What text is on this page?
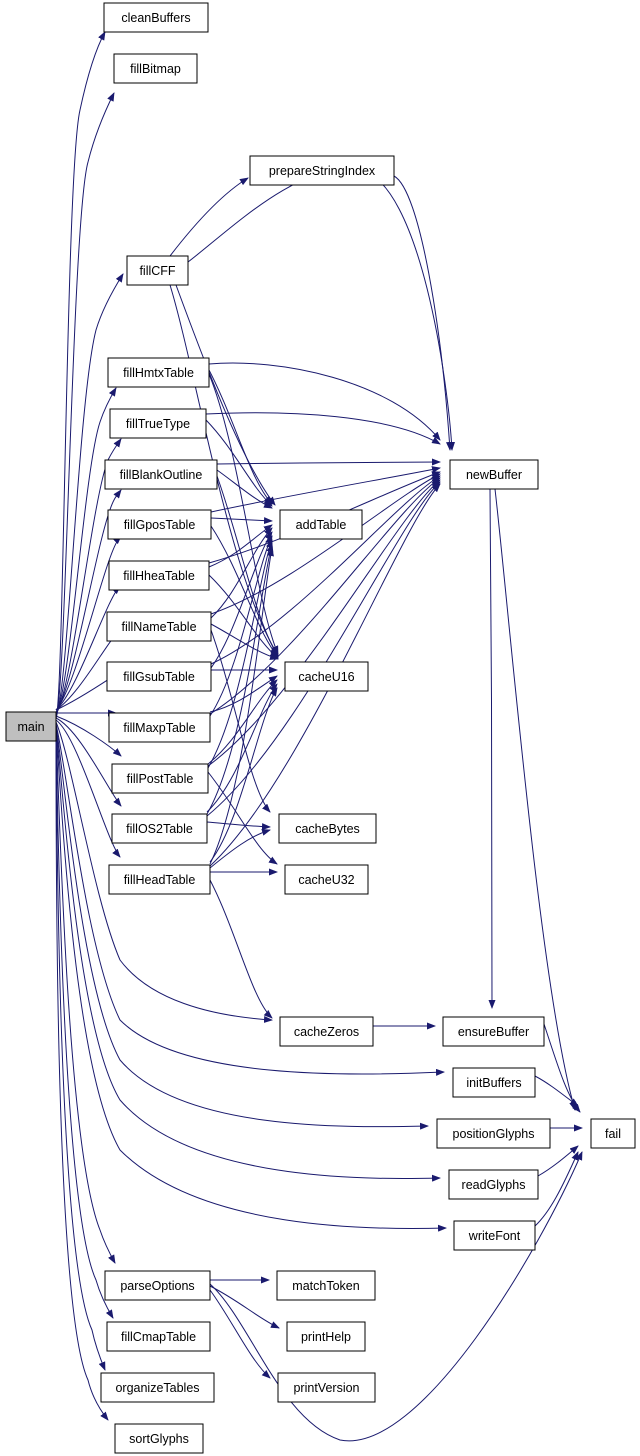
main
cleanBuffers
fillBitmap
prepareStringIndex
fillCFF
fillHmtxTable
fillTrueType
newBuffer
fillBlankOutline
addTable
fillGposTable
fillHheaTable
fillNameTable
cacheU16
fillGsubTable
fillMaxpTable
fillPostTable
cacheBytes
fillOS2Table
cacheU32
fillHeadTable
cacheZeros	ensureBuffer
initBuffers
positionGlyphs	fail
readGlyphs
writeFont
parseOptions	matchToken
fillCmapTable	printHelp
organizeTables	printVersion
sortGlyphs
